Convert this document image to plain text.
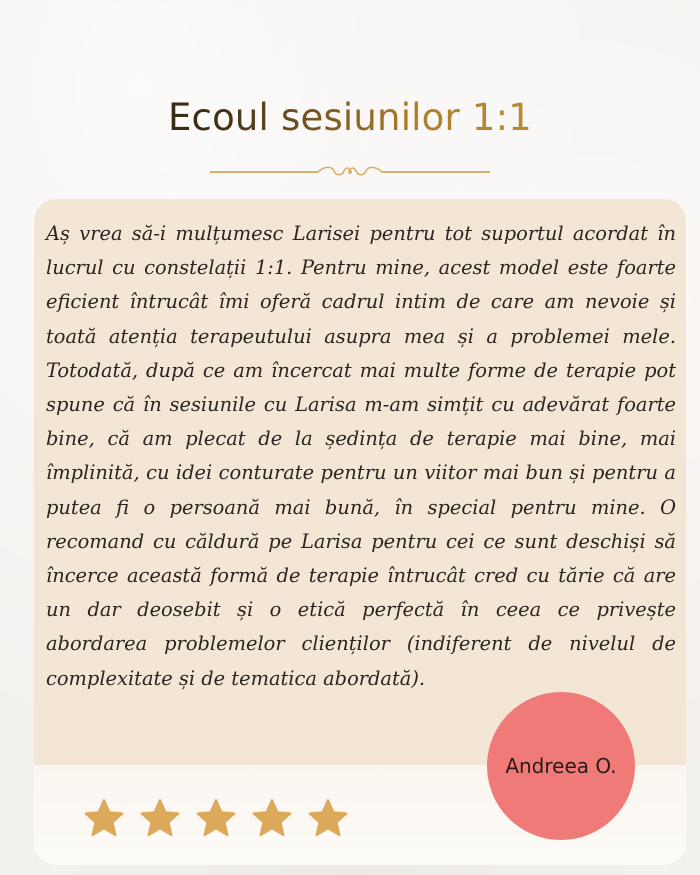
Ecoul sesiunilor 1:1

Aș vrea să-i mulțumesc Larisei pentru tot suportul acordat în lucrul cu constelații 1:1. Pentru mine, acest model este foarte eficient întrucât îmi oferă cadrul intim de care am nevoie și toată atenția terapeutului asupra mea și a problemei mele. Totodată, după ce am încercat mai multe forme de terapie pot spune că în sesiunile cu Larisa m-am simțit cu adevărat foarte bine, că am plecat de la ședința de terapie mai bine, mai împlinită, cu idei conturate pentru un viitor mai bun și pentru a putea fi o persoană mai bună, în special pentru mine. O recomand cu căldură pe Larisa pentru cei ce sunt deschiși să încerce această formă de terapie întrucât cred cu tărie că are un dar deosebit și o etică perfectă în ceea ce privește abordarea problemelor clienților (indiferent de nivelul de complexitate și de tematica abordată).

Andreea O.
